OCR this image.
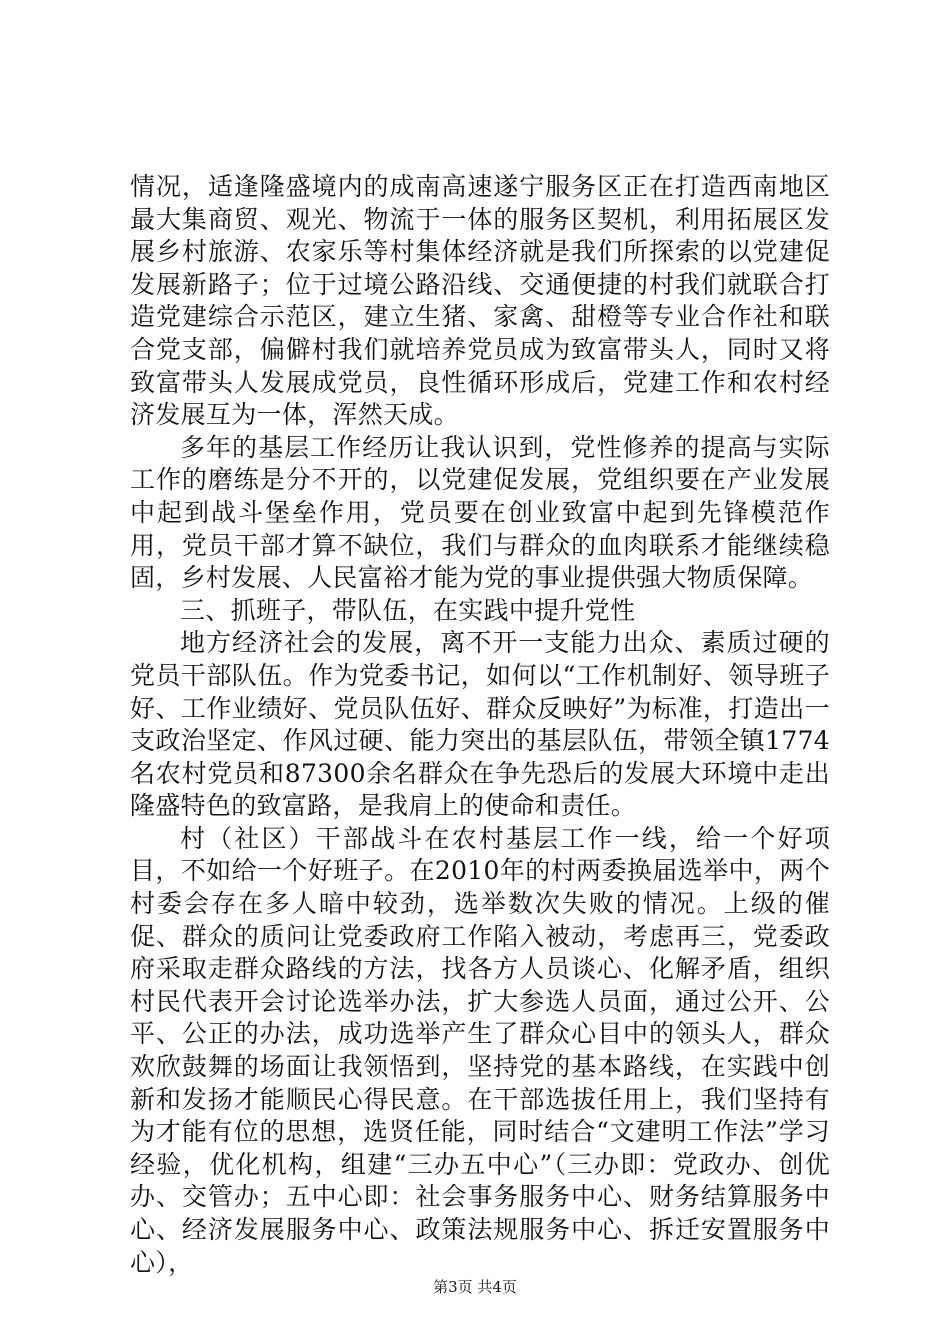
情况，适逢隆盛境内的成南高速遂宁服务区正在打造西南地区最大集商贸、观光、物流于一体的服务区契机，利用拓展区发展乡村旅游、农家乐等村集体经济就是我们所探索的以党建促发展新路子；位于过境公路沿线、交通便捷的村我们就联合打造党建综合示范区，建立生猪、家禽、甜橙等专业合作社和联合党支部，偏僻村我们就培养党员成为致富带头人，同时又将致富带头人发展成党员，良性循环形成后，党建工作和农村经济发展互为一体，浑然天成。

多年的基层工作经历让我认识到，党性修养的提高与实际工作的磨练是分不开的，以党建促发展，党组织要在产业发展中起到战斗堡垒作用，党员要在创业致富中起到先锋模范作用，党员干部才算不缺位，我们与群众的血肉联系才能继续稳固，乡村发展、人民富裕才能为党的事业提供强大物质保障。

三、抓班子，带队伍，在实践中提升党性

地方经济社会的发展，离不开一支能力出众、素质过硬的党员干部队伍。作为党委书记，如何以“工作机制好、领导班子好、工作业绩好、党员队伍好、群众反映好”为标准，打造出一支政治坚定、作风过硬、能力突出的基层队伍，带领全镇1774名农村党员和87300余名群众在争先恐后的发展大环境中走出隆盛特色的致富路，是我肩上的使命和责任。

村（社区）干部战斗在农村基层工作一线，给一个好项目，不如给一个好班子。在2010年的村两委换届选举中，两个村委会存在多人暗中较劲，选举数次失败的情况。上级的催促、群众的质问让党委政府工作陷入被动，考虑再三，党委政府采取走群众路线的方法，找各方人员谈心、化解矛盾，组织村民代表开会讨论选举办法，扩大参选人员面，通过公开、公平、公正的办法，成功选举产生了群众心目中的领头人，群众欢欣鼓舞的场面让我领悟到，坚持党的基本路线，在实践中创新和发扬才能顺民心得民意。在干部选拔任用上，我们坚持有为才能有位的思想，选贤任能，同时结合“文建明工作法”学习经验，优化机构，组建“三办五中心”（三办即：党政办、创优办、交管办；五中心即：社会事务服务中心、财务结算服务中心、经济发展服务中心、政策法规服务中心、拆迁安置服务中心），

第3页 共4页
